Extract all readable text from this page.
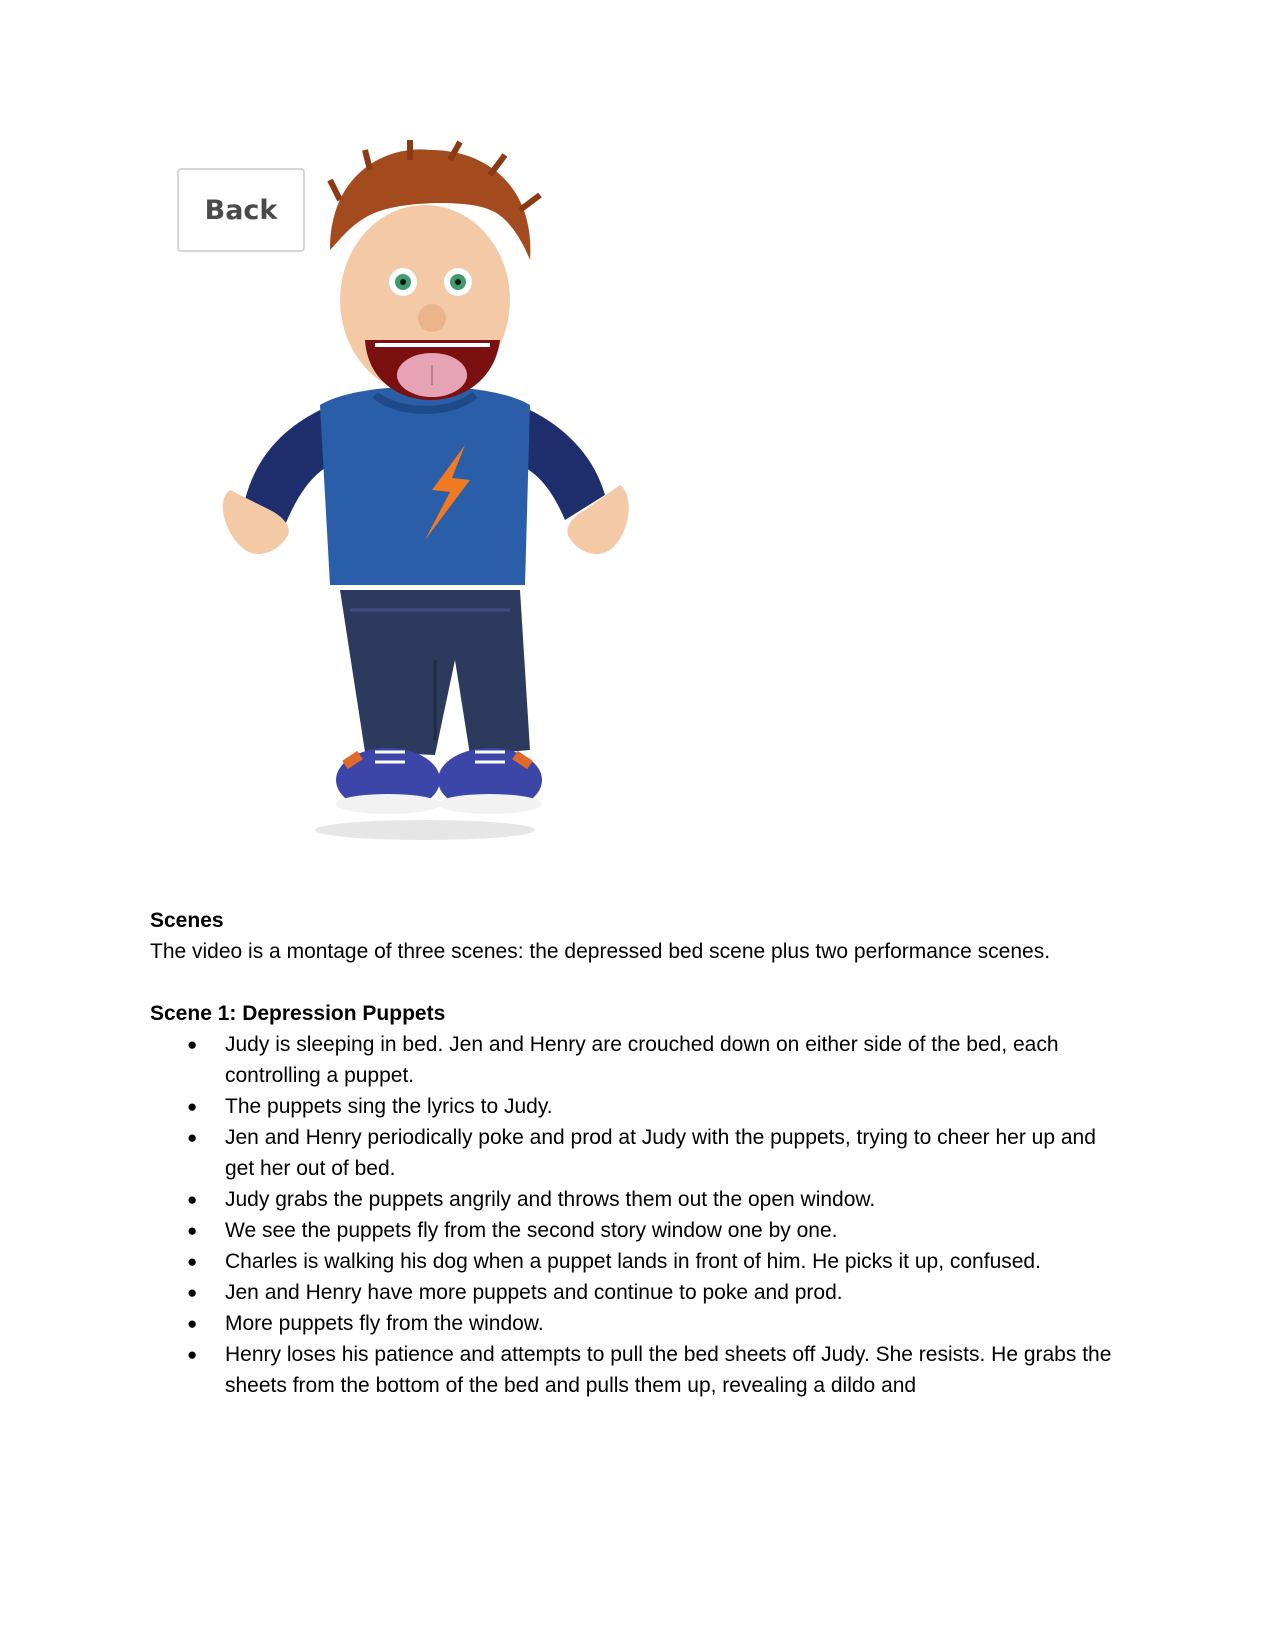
Back

Scenes

The video is a montage of three scenes: the depressed bed scene plus two performance scenes.

Scene 1: Depression Puppets

● Judy is sleeping in bed. Jen and Henry are crouched down on either side of the bed, each controlling a puppet.
● The puppets sing the lyrics to Judy.
● Jen and Henry periodically poke and prod at Judy with the puppets, trying to cheer her up and get her out of bed.
● Judy grabs the puppets angrily and throws them out the open window.
● We see the puppets fly from the second story window one by one.
● Charles is walking his dog when a puppet lands in front of him. He picks it up, confused.
● Jen and Henry have more puppets and continue to poke and prod.
● More puppets fly from the window.
● Henry loses his patience and attempts to pull the bed sheets off Judy. She resists. He grabs the sheets from the bottom of the bed and pulls them up, revealing a dildo and
